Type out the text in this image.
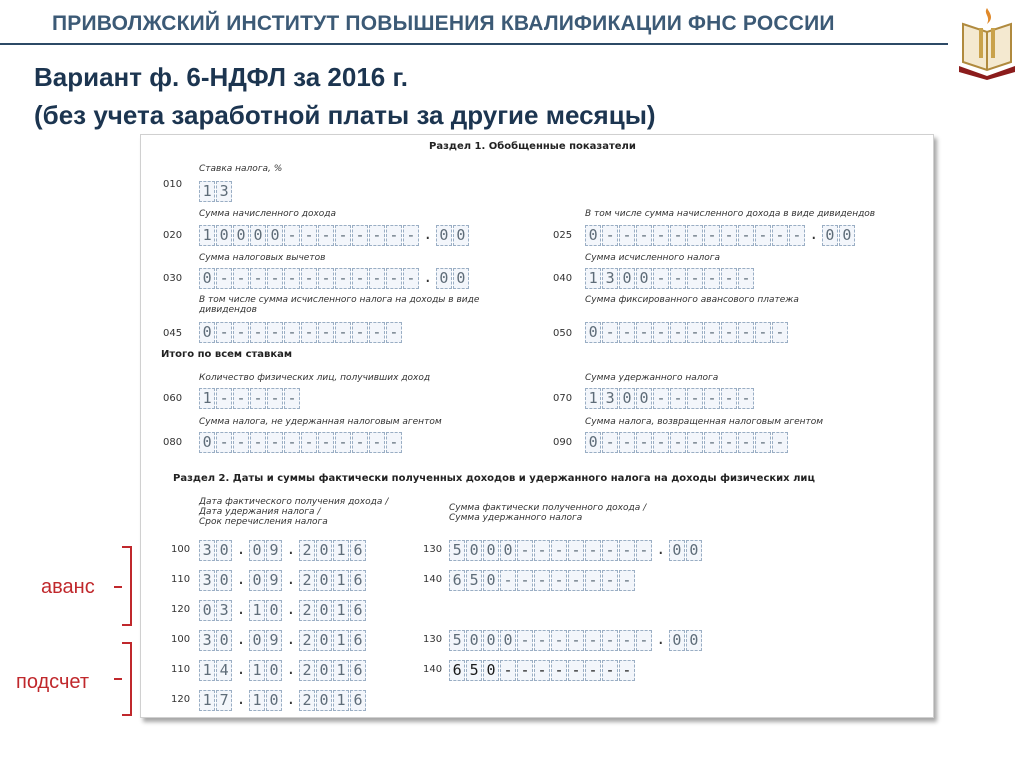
ПРИВОЛЖСКИЙ ИНСТИТУТ ПОВЫШЕНИЯ КВАЛИФИКАЦИИ ФНС РОССИИ
Вариант ф. 6-НДФЛ за 2016 г.
(без учета заработной платы за другие месяцы)
Раздел 1. Обобщенные показатели
Итого по всем ставкам
Раздел 2. Даты и суммы фактически полученных доходов и удержанного налога на доходы физических лиц
Дата фактического получения дохода /
Дата удержания налога /
Срок перечисления налога
Сумма фактически полученного дохода /
Сумма удержанного налога
Ставка налога, %
010 1 3
Сумма начисленного дохода
020 1 0 0 0 0 - - - - - - - - . 0 0
В том числе сумма начисленного дохода в виде дивидендов
025 0 - - - - - - - - - - - - . 0 0
Сумма налоговых вычетов
030 0 - - - - - - - - - - - - . 0 0
Сумма исчисленного налога
040 1 3 0 0 - - - - - -
В том числе сумма исчисленного налога на доходы в виде дивидендов
045 0 - - - - - - - - - - -
Сумма фиксированного авансового платежа
050 0 - - - - - - - - - - -
Количество физических лиц, получивших доход
060 1 - - - - -
Сумма удержанного налога
070 1 3 0 0 - - - - - -
Сумма налога, не удержанная налоговым агентом
080 0 - - - - - - - - - - -
Сумма налога, возвращенная налоговым агентом
090 0 - - - - - - - - - - -
100 3 0 . 0 9 . 2 0 1 6	130 5 0 0 0 - - - - - - - - . 0 0
110 3 0 . 0 9 . 2 0 1 6	140 6 5 0 - - - - - - - -
120 0 3 . 1 0 . 2 0 1 6
100 3 0 . 0 9 . 2 0 1 6	130 5 0 0 0 - - - - - - - - . 0 0
110 1 4 . 1 0 . 2 0 1 6	140 6 5 0 - - - - - - - -
120 1 7 . 1 0 . 2 0 1 6
аванс
подсчет
